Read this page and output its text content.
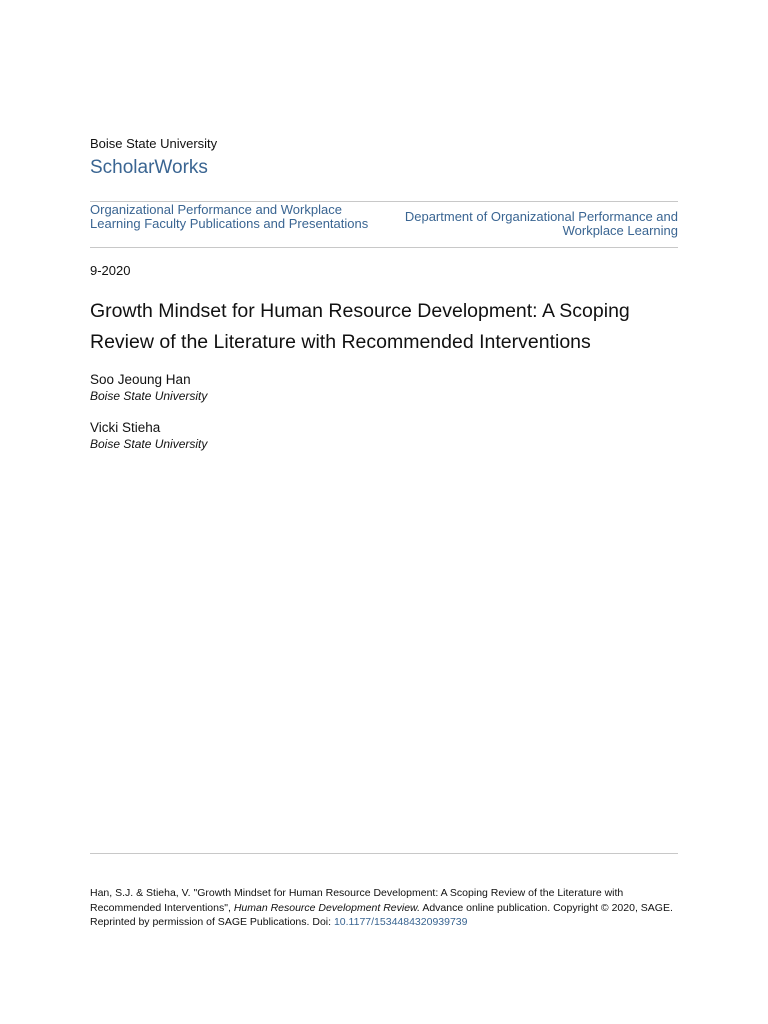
Boise State University
ScholarWorks
Organizational Performance and Workplace Learning Faculty Publications and Presentations	Department of Organizational Performance and Workplace Learning
9-2020
Growth Mindset for Human Resource Development: A Scoping Review of the Literature with Recommended Interventions
Soo Jeoung Han
Boise State University
Vicki Stieha
Boise State University
Han, S.J. & Stieha, V. "Growth Mindset for Human Resource Development: A Scoping Review of the Literature with Recommended Interventions", Human Resource Development Review. Advance online publication. Copyright © 2020, SAGE. Reprinted by permission of SAGE Publications. Doi: 10.1177/1534484320939739
